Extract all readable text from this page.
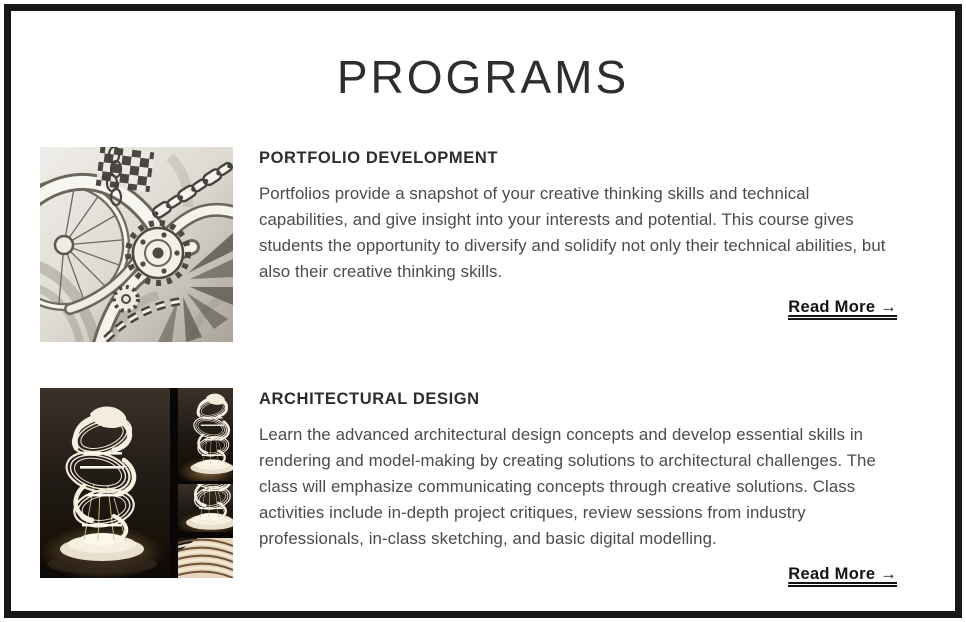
PROGRAMS
PORTFOLIO DEVELOPMENT

Portfolios provide a snapshot of your creative thinking skills and technical capabilities, and give insight into your interests and potential. This course gives students the opportunity to diversify and solidify not only their technical abilities, but also their creative thinking skills.

Read More →
ARCHITECTURAL DESIGN

Learn the advanced architectural design concepts and develop essential skills in rendering and model-making by creating solutions to architectural challenges. The class will emphasize communicating concepts through creative solutions. Class activities include in-depth project critiques, review sessions from industry professionals, in-class sketching, and basic digital modelling.

Read More →
